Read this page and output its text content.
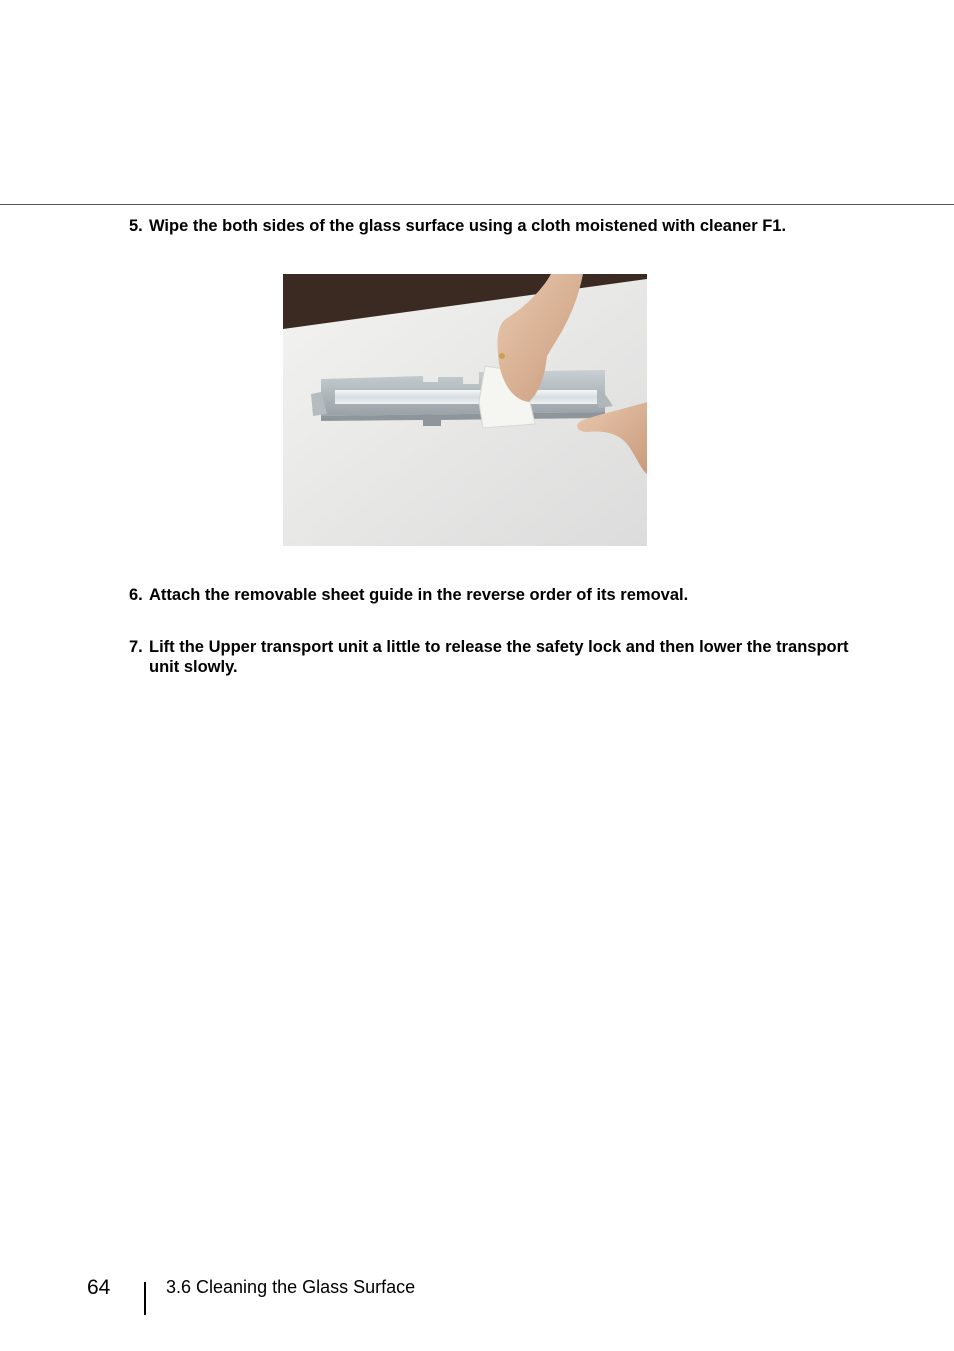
5. Wipe the both sides of the glass surface using a cloth moistened with cleaner F1.
6. Attach the removable sheet guide in the reverse order of its removal.
7. Lift the Upper transport unit a little to release the safety lock and then lower the transport unit slowly.
64	3.6 Cleaning the Glass Surface
